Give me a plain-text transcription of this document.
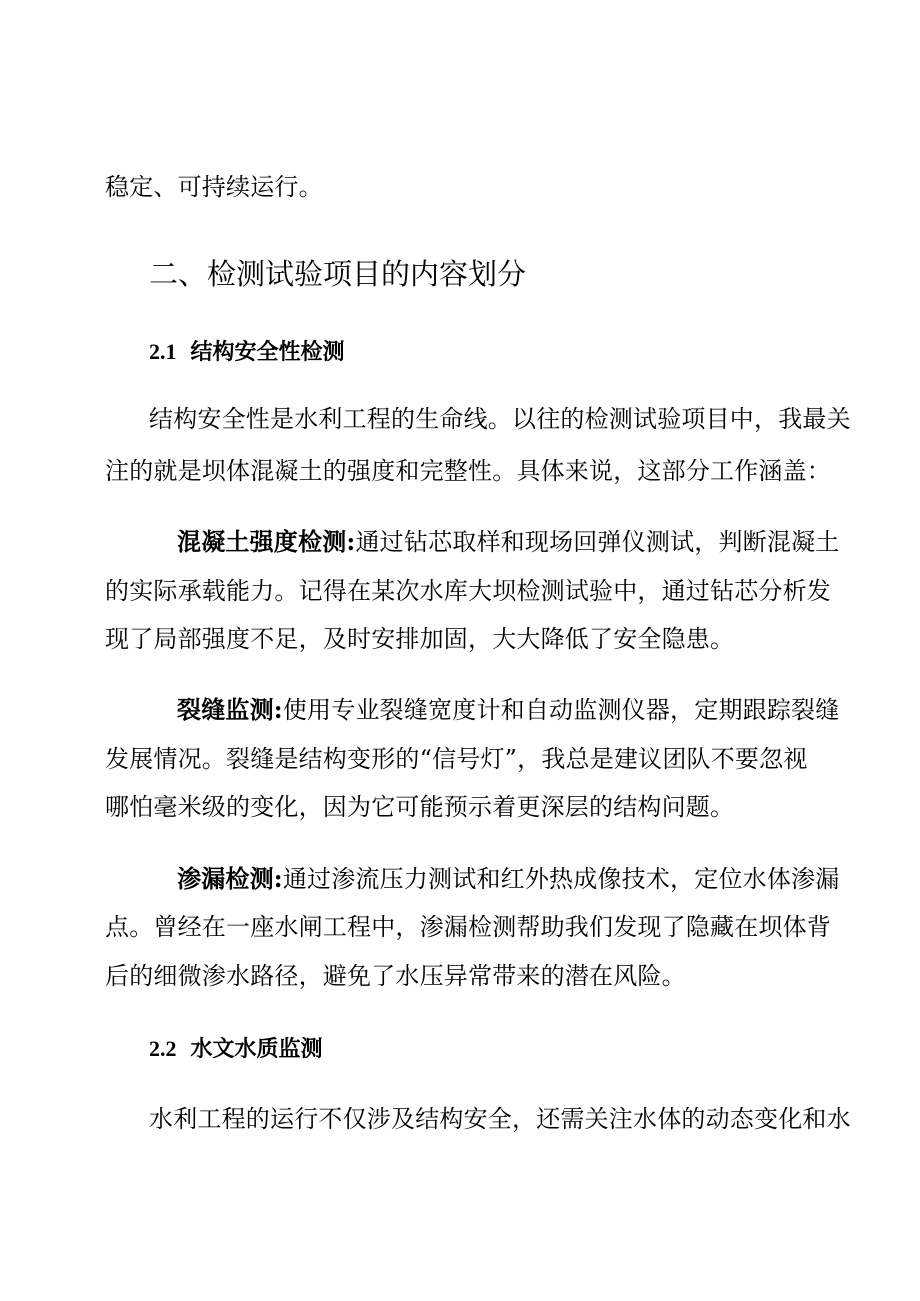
稳定、可持续运行。
二、检测试验项目的内容划分
2.1 结构安全性检测
结构安全性是水利工程的生命线。以往的检测试验项目中，我最关
注的就是坝体混凝土的强度和完整性。具体来说，这部分工作涵盖：
混凝土强度检测:通过钻芯取样和现场回弹仪测试，判断混凝土
的实际承载能力。记得在某次水库大坝检测试验中，通过钻芯分析发
现了局部强度不足，及时安排加固，大大降低了安全隐患。
裂缝监测:使用专业裂缝宽度计和自动监测仪器，定期跟踪裂缝
发展情况。裂缝是结构变形的“信号灯”，我总是建议团队不要忽视
哪怕毫米级的变化，因为它可能预示着更深层的结构问题。
渗漏检测:通过渗流压力测试和红外热成像技术，定位水体渗漏
点。曾经在一座水闸工程中，渗漏检测帮助我们发现了隐藏在坝体背
后的细微渗水路径，避免了水压异常带来的潜在风险。
2.2 水文水质监测
水利工程的运行不仅涉及结构安全，还需关注水体的动态变化和水
